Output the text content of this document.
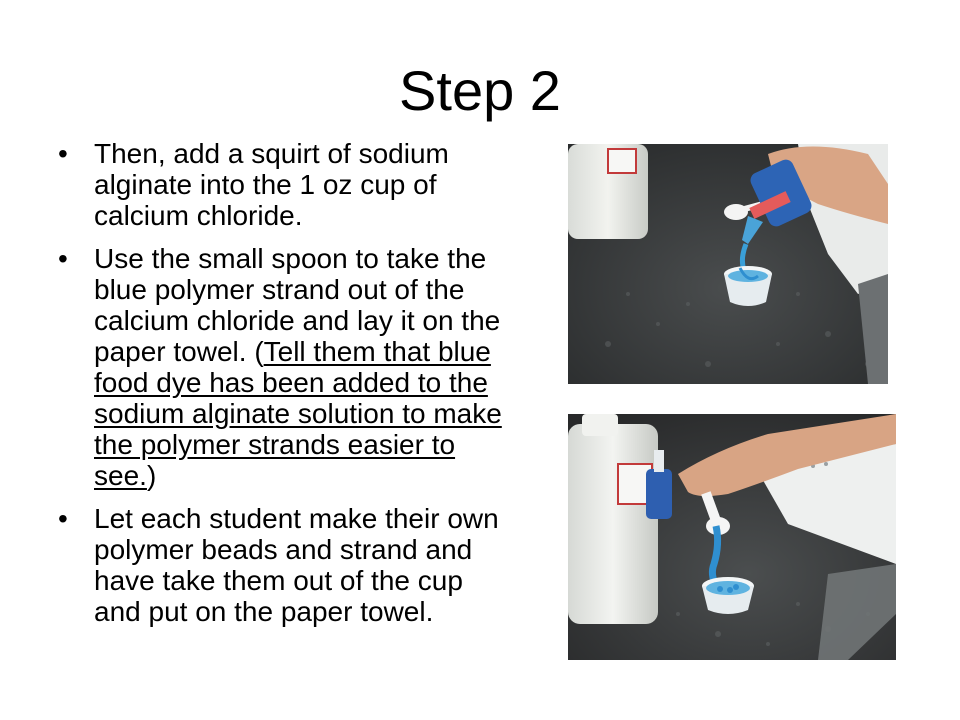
Step 2
• Then, add a squirt of sodium alginate into the 1 oz cup of calcium chloride.
• Use the small spoon to take the blue polymer strand out of the calcium chloride and lay it on the paper towel. (Tell them that blue food dye has been added to the sodium alginate solution to make the polymer strands easier to see.)
• Let each student make their own polymer beads and strand and have take them out of the cup and put on the paper towel.
